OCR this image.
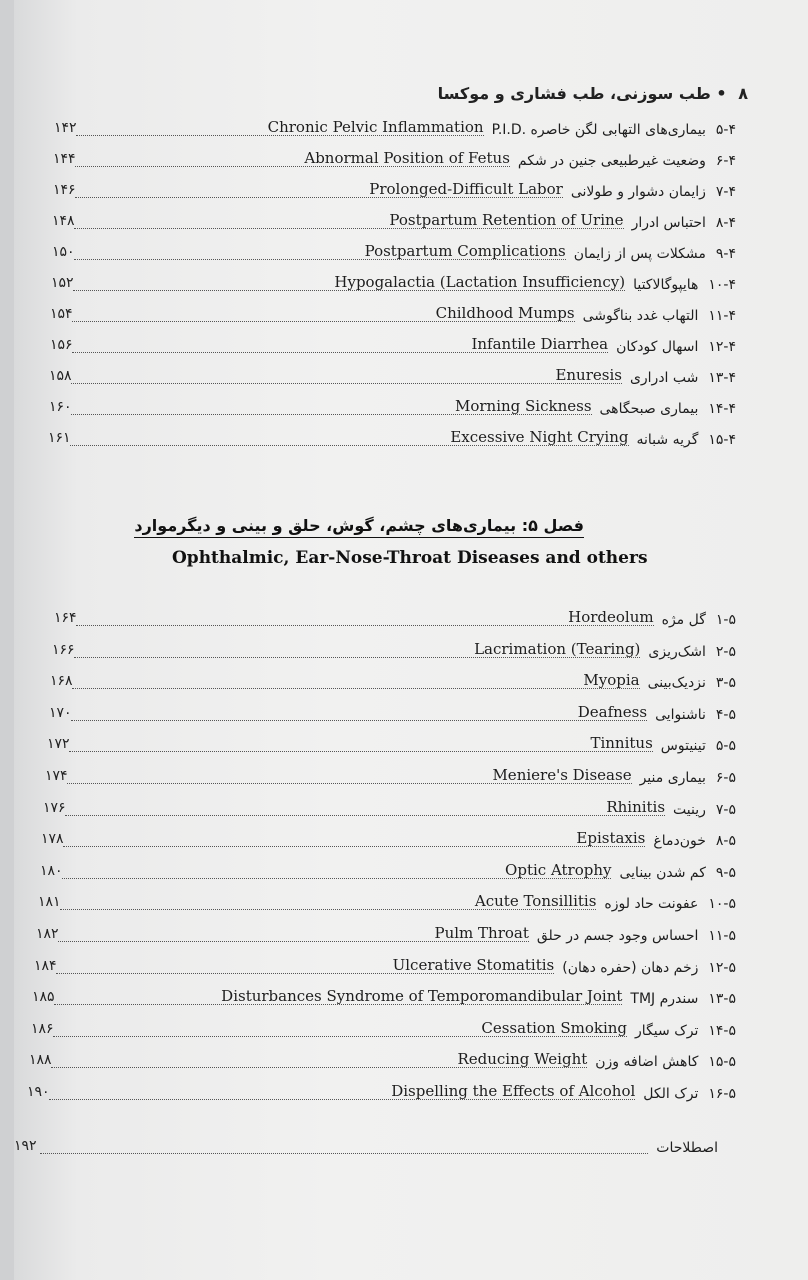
٨ • طب سوزنی، طب فشاری و موکسا
۱۴۲	Chronic Pelvic Inflammation	۵-۴بیماری‌های التهابی لگن خاصره .P.I.D
۱۴۴	Abnormal Position of Fetus	۶-۴وضعیت غیرطبیعی جنین در شکم
۱۴۶	Prolonged-Difficult Labor	۷-۴زایمان دشوار و طولانی
۱۴۸	Postpartum Retention of Urine	۸-۴احتباس ادرار
۱۵۰	Postpartum Complications	۹-۴مشکلات پس از زایمان
۱۵۲	Hypogalactia (Lactation Insufficiency)	۱۰-۴هایپوگالاکتیا
۱۵۴	Childhood Mumps	۱۱-۴التهاب غدد بناگوشی
۱۵۶	Infantile Diarrhea	۱۲-۴اسهال کودکان
۱۵۸	Enuresis	۱۳-۴شب ادراری
۱۶۰	Morning Sickness	۱۴-۴بیماری صبحگاهی
۱۶۱	Excessive Night Crying	۱۵-۴گریه شبانه
فصل ۵: بیماری‌های چشم، گوش، حلق و بینی و دیگرموارد
Ophthalmic, Ear-Nose-Throat Diseases and others
۱۶۴	Hordeolum	۱-۵گل مژه
۱۶۶	Lacrimation (Tearing)	۲-۵اشک‌ریزی
۱۶۸	Myopia	۳-۵نزدیک‌بینی
۱۷۰	Deafness	۴-۵ناشنوایی
۱۷۲	Tinnitus	۵-۵تینیتوس
۱۷۴	Meniere's Disease	۶-۵بیماری منیر
۱۷۶	Rhinitis	۷-۵رینیت
۱۷۸	Epistaxis	۸-۵خون‌دماغ
۱۸۰	Optic Atrophy	۹-۵کم شدن بینایی
۱۸۱	Acute Tonsillitis	۱۰-۵عفونت حاد لوزه
۱۸۲	Pulm Throat	۱۱-۵احساس وجود جسم در حلق
۱۸۴	Ulcerative Stomatitis	۱۲-۵زخم دهان (حفره دهان)
۱۸۵	Disturbances Syndrome of Temporomandibular Joint	۱۳-۵سندرم TMJ
۱۸۶	Cessation Smoking	۱۴-۵ترک سیگار
۱۸۸	Reducing Weight	۱۵-۵کاهش اضافه وزن
۱۹۰	Dispelling the Effects of Alcohol	۱۶-۵ترک الکل
۱۹۲	اصطلاحات
